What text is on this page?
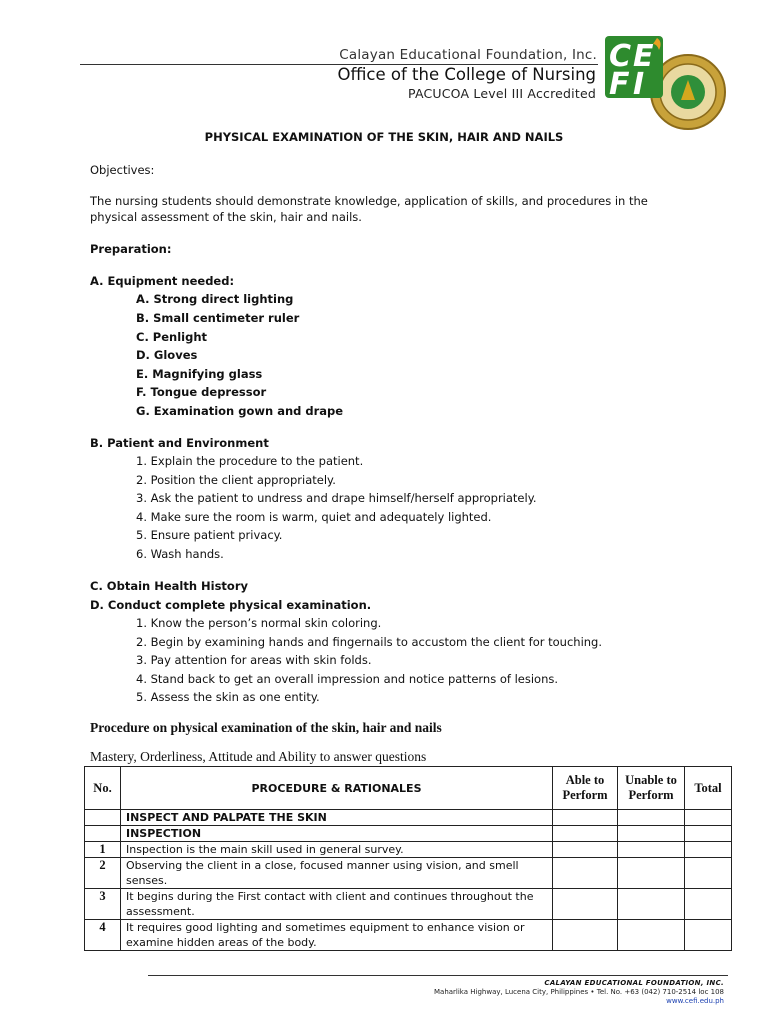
Calayan Educational Foundation, Inc.
Office of the College of Nursing
PACUCOA Level III Accredited
C E
F I
PHYSICAL EXAMINATION OF THE SKIN, HAIR AND NAILS
Objectives:
The nursing students should demonstrate knowledge, application of skills, and procedures in the
physical assessment of the skin, hair and nails.
Preparation:
A. Equipment needed:
A. Strong direct lighting
B. Small centimeter ruler
C. Penlight
D. Gloves
E. Magnifying glass
F. Tongue depressor
G. Examination gown and drape
B. Patient and Environment
1. Explain the procedure to the patient.
2. Position the client appropriately.
3. Ask the patient to undress and drape himself/herself appropriately.
4. Make sure the room is warm, quiet and adequately lighted.
5. Ensure patient privacy.
6. Wash hands.
C. Obtain Health History
D. Conduct complete physical examination.
1. Know the person’s normal skin coloring.
2. Begin by examining hands and fingernails to accustom the client for touching.
3. Pay attention for areas with skin folds.
4. Stand back to get an overall impression and notice patterns of lesions.
5. Assess the skin as one entity.
Procedure on physical examination of the skin, hair and nails
Mastery, Orderliness, Attitude and Ability to answer questions
No.	PROCEDURE & RATIONALES	Able to Perform	Unable to Perform	Total
	INSPECT AND PALPATE THE SKIN			
	INSPECTION			
1	Inspection is the main skill used in general survey.			
2	Observing the client in a close, focused manner using vision, and smell senses.			
3	It begins during the First contact with client and continues throughout the assessment.			
4	It requires good lighting and sometimes equipment to enhance vision or examine hidden areas of the body.			
CALAYAN EDUCATIONAL FOUNDATION, INC.
Maharlika Highway, Lucena City, Philippines • Tel. No. +63 (042) 710-2514 loc 108
www.cefi.edu.ph
